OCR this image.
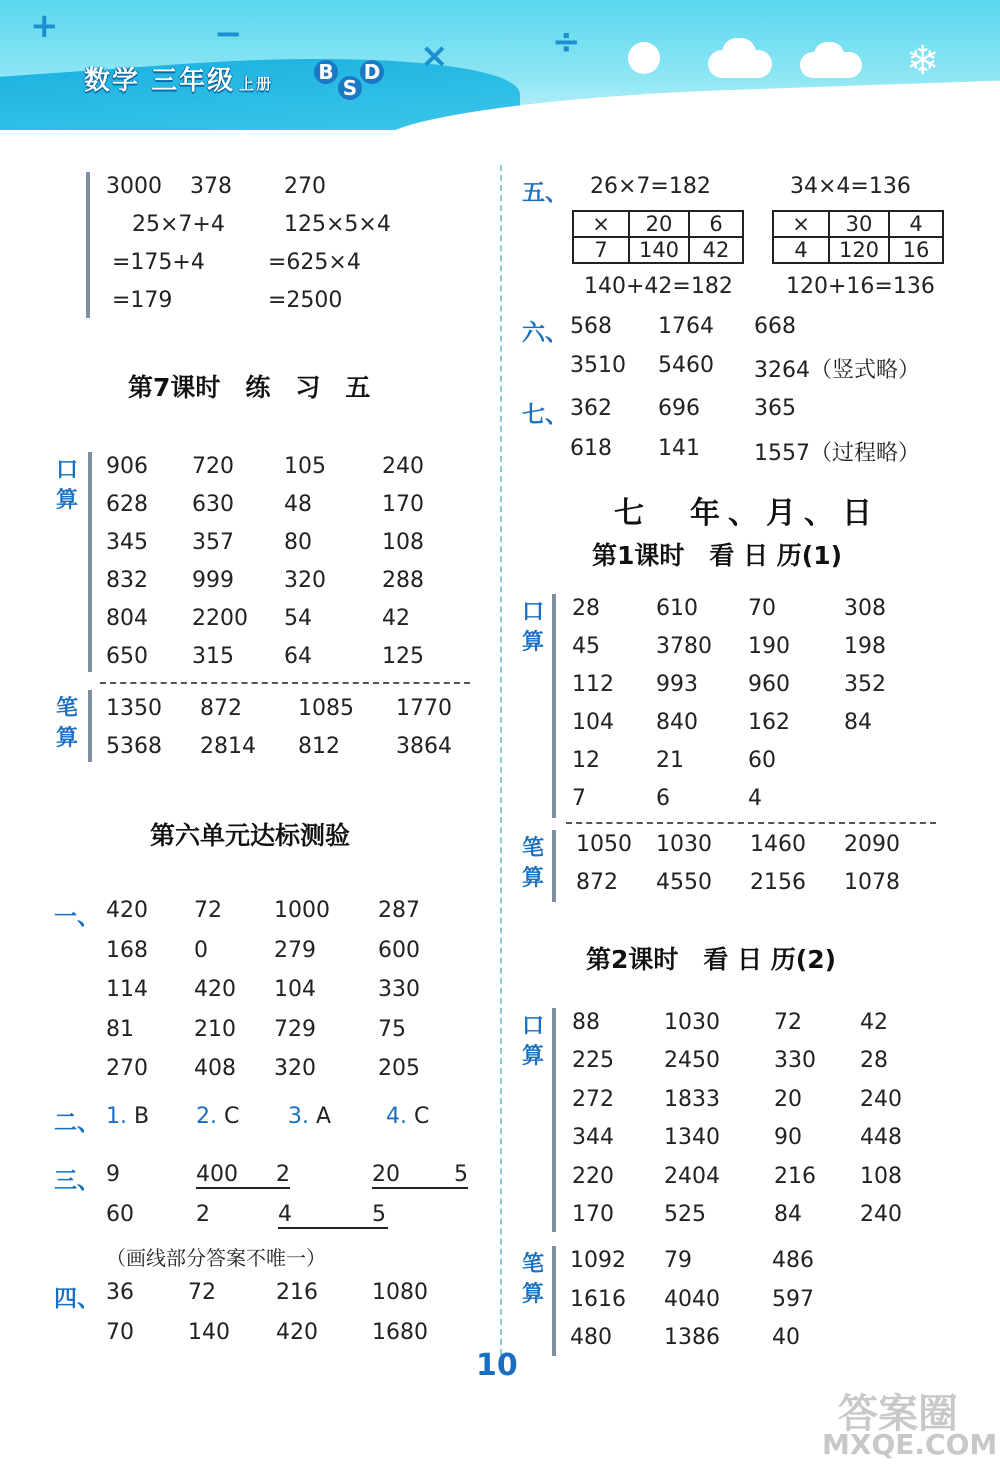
+	−
×	÷
数学 三年级 上册 B
S
D	❄
3000 378 270
25×7+4	125×5×4
=175+4	=625×4
=179	=2500
第7课时　练　习　五
口算
906 720 105	240
628 630 48	170
345 357 80	108
832 999 320	288
804 2200 54	42
650 315 64	125
笔算
1350 872	1085 1770
5368 2814 812	3864
第六单元达标测验
一、 420 72 1000 287
168 0	279	600
114 420 104	330
81	210 729	75
270 408 320	205
二、 1. B 2. C 3. A 4. C
三、 9	400 2	20 5
60	2	4	5
（画线部分答案不唯一）
四、 36 72	216 1080
70 140 420 1680
五、 26×7=182	34×4=136
×	20	6
7	140	42
×	30	4
4	120	16
140+42=182 120+16=136
六、 568 1764 668
3510 5460 3264（竖式略）
七、 362 696 365
618 141 1557（过程略）
七　年、月、日
第1课时　看 日 历(1)
口算
28	610 70	308
45	3780 190 198
112 993 960 352
104 840 162 84
12	21	60
7	6	4
笔算
1050 1030 1460 2090
872 4550 2156 1078
第2课时　看 日 历(2)
口算
88	1030 72	42
225 2450 330 28
272 1833 20	240
344 1340 90	448
220 2404 216 108
170 525	84	240
笔算
1092 79	486
1616 4040 597
480 1386 40
10
答案圈
MXQE.COM
